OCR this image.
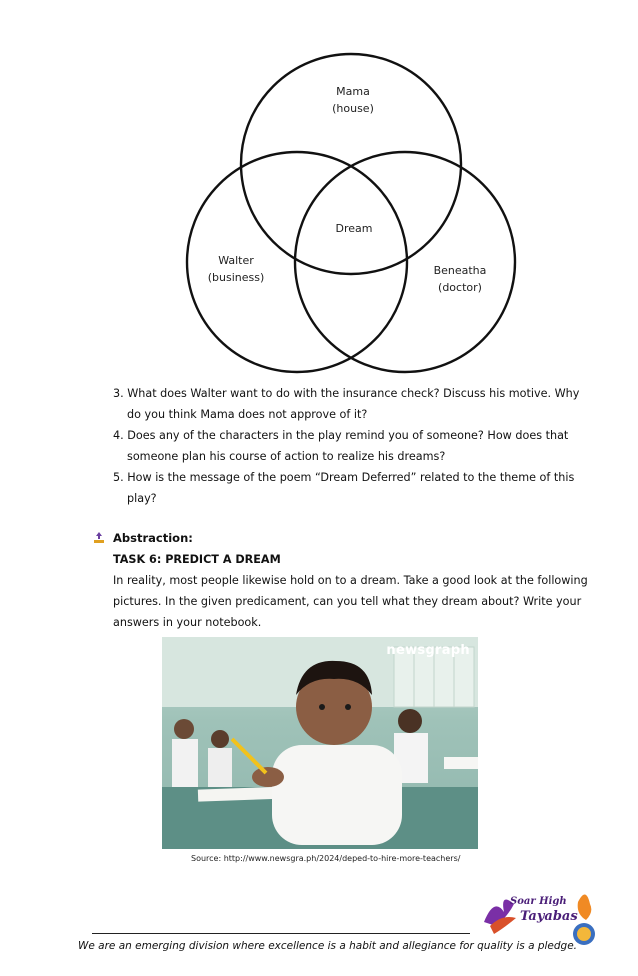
Mama
(house)
Dream
Walter
(business)
Beneatha
(doctor)

3. What does Walter want to do with the insurance check? Discuss his motive. Why
do you think Mama does not approve of it?

4. Does any of the characters in the play remind you of someone? How does that
someone plan his course of action to realize his dreams?

5. How is the message of the poem “Dream Deferred” related to the theme of this
play?

Abstraction:
TASK 6: PREDICT A DREAM
In reality, most people likewise hold on to a dream. Take a good look at the following pictures. In the given predicament, can you tell what they dream about? Write your answers in your notebook.
newsgraph
Source: http://www.newsgra.ph/2024/deped-to-hire-more-teachers/
We are an emerging division where excellence is a habit and allegiance for quality is a pledge.
Soar High
Tayabas
